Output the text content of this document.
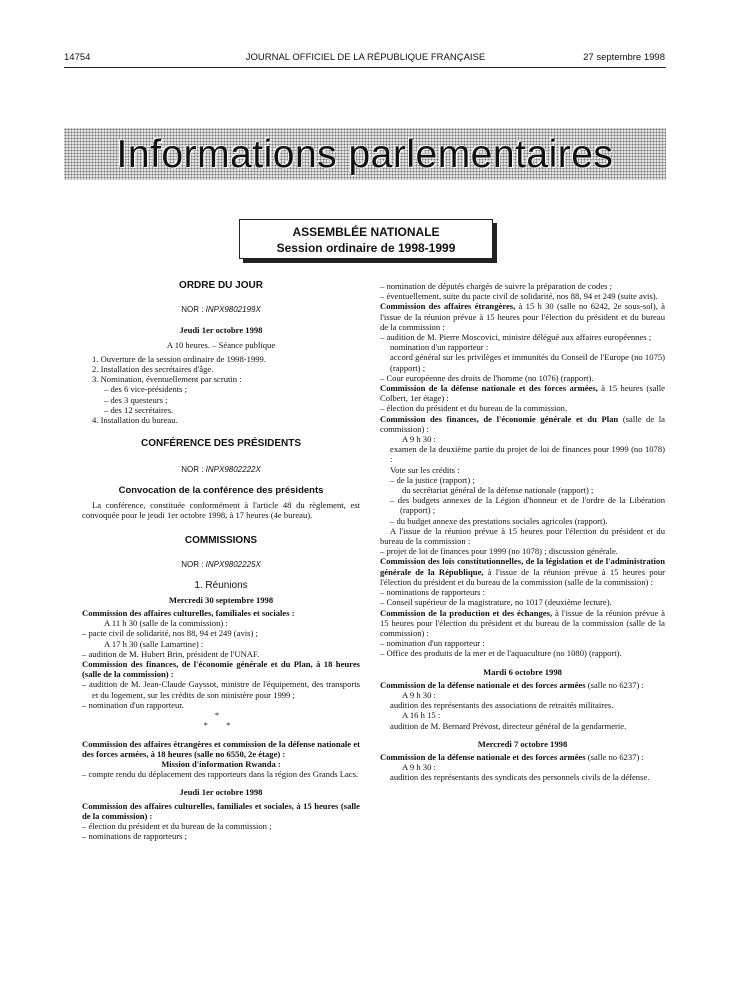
14754	JOURNAL OFFICIEL DE LA RÉPUBLIQUE FRANÇAISE	27 septembre 1998
Informations parlementaires
ASSEMBLÉE NATIONALE
Session ordinaire de 1998-1999

ORDRE DU JOUR

NOR : INPX9802199X

Jeudi 1er octobre 1998

A 10 heures. – Séance publique

1. Ouverture de la session ordinaire de 1998-1999.

2. Installation des secrétaires d'âge.

3. Nomination, éventuellement par scrutin :

– des 6 vice-présidents ;

– des 3 questeurs ;

– des 12 secrétaires.

4. Installation du bureau.

CONFÉRENCE DES PRÉSIDENTS

NOR : INPX9802222X

Convocation de la conférence des présidents

La conférence, constituée conformément à l'article 48 du règlement, est convoquée pour le jeudi 1er octobre 1998, à 17 heures (4e bureau).

COMMISSIONS

NOR : INPX9802225X

1. Réunions

Mercredi 30 septembre 1998

Commission des affaires culturelles, familiales et sociales :

A 11 h 30 (salle de la commission) :

– pacte civil de solidarité, nos 88, 94 et 249 (avis) ;

A 17 h 30 (salle Lamartine) :

– audition de M. Hubert Brin, président de l'UNAF.

Commission des finances, de l'économie générale et du Plan, à 18 heures (salle de la commission) :

– audition de M. Jean-Claude Gayssot, ministre de l'équipement, des transports et du logement, sur les crédits de son ministère pour 1999 ;

– nomination d'un rapporteur.

*

* *

Commission des affaires étrangères et commission de la défense nationale et des forces armées, à 18 heures (salle no 6550, 2e étage) :

Mission d'information Rwanda :

– compte rendu du déplacement des rapporteurs dans la région des Grands Lacs.

Jeudi 1er octobre 1998

Commission des affaires culturelles, familiales et sociales, à 15 heures (salle de la commission) :

– élection du président et du bureau de la commission ;

– nominations de rapporteurs ;

– nomination de députés chargés de suivre la préparation de codes ;

– éventuellement, suite du pacte civil de solidarité, nos 88, 94 et 249 (suite avis).

Commission des affaires étrangères, à 15 h 30 (salle no 6242, 2e sous-sol), à l'issue de la réunion prévue à 15 heures pour l'élection du président et du bureau de la commission :

– audition de M. Pierre Moscovici, ministre délégué aux affaires européennes ;

nomination d'un rapporteur :

accord général sur les privilèges et immunités du Conseil de l'Europe (no 1075) (rapport) ;

– Cour européenne des droits de l'homme (no 1076) (rapport).

Commission de la défense nationale et des forces armées, à 15 heures (salle Colbert, 1er étage) :

– élection du président et du bureau de la commission.

Commission des finances, de l'économie générale et du Plan (salle de la commission) :

A 9 h 30 :

examen de la deuxième partie du projet de loi de finances pour 1999 (no 1078) :

Vote sur les crédits :

– de la justice (rapport) ;

du secrétariat général de la défense nationale (rapport) ;

– des budgets annexes de la Légion d'honneur et de l'ordre de la Libération (rapport) ;

– du budget annexe des prestations sociales agricoles (rapport).

A l'issue de la réunion prévue à 15 heures pour l'élection du président et du bureau de la commission :

– projet de loi de finances pour 1999 (no 1078) ; discussion générale.

Commission des lois constitutionnelles, de la législation et de l'administration générale de la République, à l'issue de la réunion prévue à 15 heures pour l'élection du président et du bureau de la commission (salle de la commission) :

– nominations de rapporteurs :

– Conseil supérieur de la magistrature, no 1017 (deuxième lecture).

Commission de la production et des échanges, à l'issue de la réunion prévue à 15 heures pour l'élection du président et du bureau de la commission (salle de la commission) :

– nomination d'un rapporteur :

– Office des produits de la mer et de l'aquaculture (no 1080) (rapport).

Mardi 6 octobre 1998

Commission de la défense nationale et des forces armées (salle no 6237) :

A 9 h 30 :

audition des représentants des associations de retraités militaires.

A 16 h 15 :

audition de M. Bernard Prévost, directeur général de la gendarmerie.

Mercredi 7 octobre 1998

Commission de la défense nationale et des forces armées (salle no 6237) :

A 9 h 30 :

audition des représentants des syndicats des personnels civils de la défense.
